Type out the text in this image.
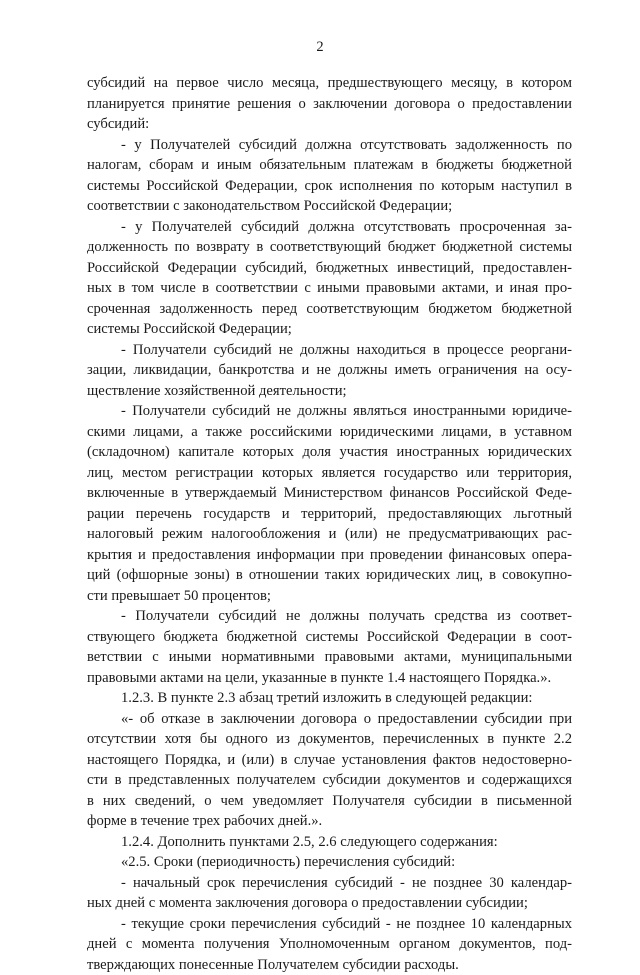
2
субсидий на первое число месяца, предшествующего месяцу, в котором
планируется принятие решения о заключении договора о предоставлении
субсидий:
- у Получателей субсидий должна отсутствовать задолженность по
налогам, сборам и иным обязательным платежам в бюджеты бюджетной
системы Российской Федерации, срок исполнения по которым наступил в
соответствии с законодательством Российской Федерации;
- у Получателей субсидий должна отсутствовать просроченная за-
долженность по возврату в соответствующий бюджет бюджетной системы
Российской Федерации субсидий, бюджетных инвестиций, предоставлен-
ных в том числе в соответствии с иными правовыми актами, и иная про-
сроченная задолженность перед соответствующим бюджетом бюджетной
системы Российской Федерации;
- Получатели субсидий не должны находиться в процессе реоргани-
зации, ликвидации, банкротства и не должны иметь ограничения на осу-
ществление хозяйственной деятельности;
- Получатели субсидий не должны являться иностранными юридиче-
скими лицами, а также российскими юридическими лицами, в уставном
(складочном) капитале которых доля участия иностранных юридических
лиц, местом регистрации которых является государство или территория,
включенные в утверждаемый Министерством финансов Российской Феде-
рации перечень государств и территорий, предоставляющих льготный
налоговый режим налогообложения и (или) не предусматривающих рас-
крытия и предоставления информации при проведении финансовых опера-
ций (офшорные зоны) в отношении таких юридических лиц, в совокупно-
сти превышает 50 процентов;
- Получатели субсидий не должны получать средства из соответ-
ствующего бюджета бюджетной системы Российской Федерации в соот-
ветствии с иными нормативными правовыми актами, муниципальными
правовыми актами на цели, указанные в пункте 1.4 настоящего Порядка.».
1.2.3. В пункте 2.3 абзац третий изложить в следующей редакции:
«- об отказе в заключении договора о предоставлении субсидии при
отсутствии хотя бы одного из документов, перечисленных в пункте 2.2
настоящего Порядка, и (или) в случае установления фактов недостоверно-
сти в представленных получателем субсидии документов и содержащихся
в них сведений, о чем уведомляет Получателя субсидии в письменной
форме в течение трех рабочих дней.».
1.2.4. Дополнить пунктами 2.5, 2.6 следующего содержания:
«2.5. Сроки (периодичность) перечисления субсидий:
- начальный срок перечисления субсидий - не позднее 30 календар-
ных дней с момента заключения договора о предоставлении субсидии;
- текущие сроки перечисления субсидий - не позднее 10 календарных
дней с момента получения Уполномоченным органом документов, под-
тверждающих понесенные Получателем субсидии расходы.
